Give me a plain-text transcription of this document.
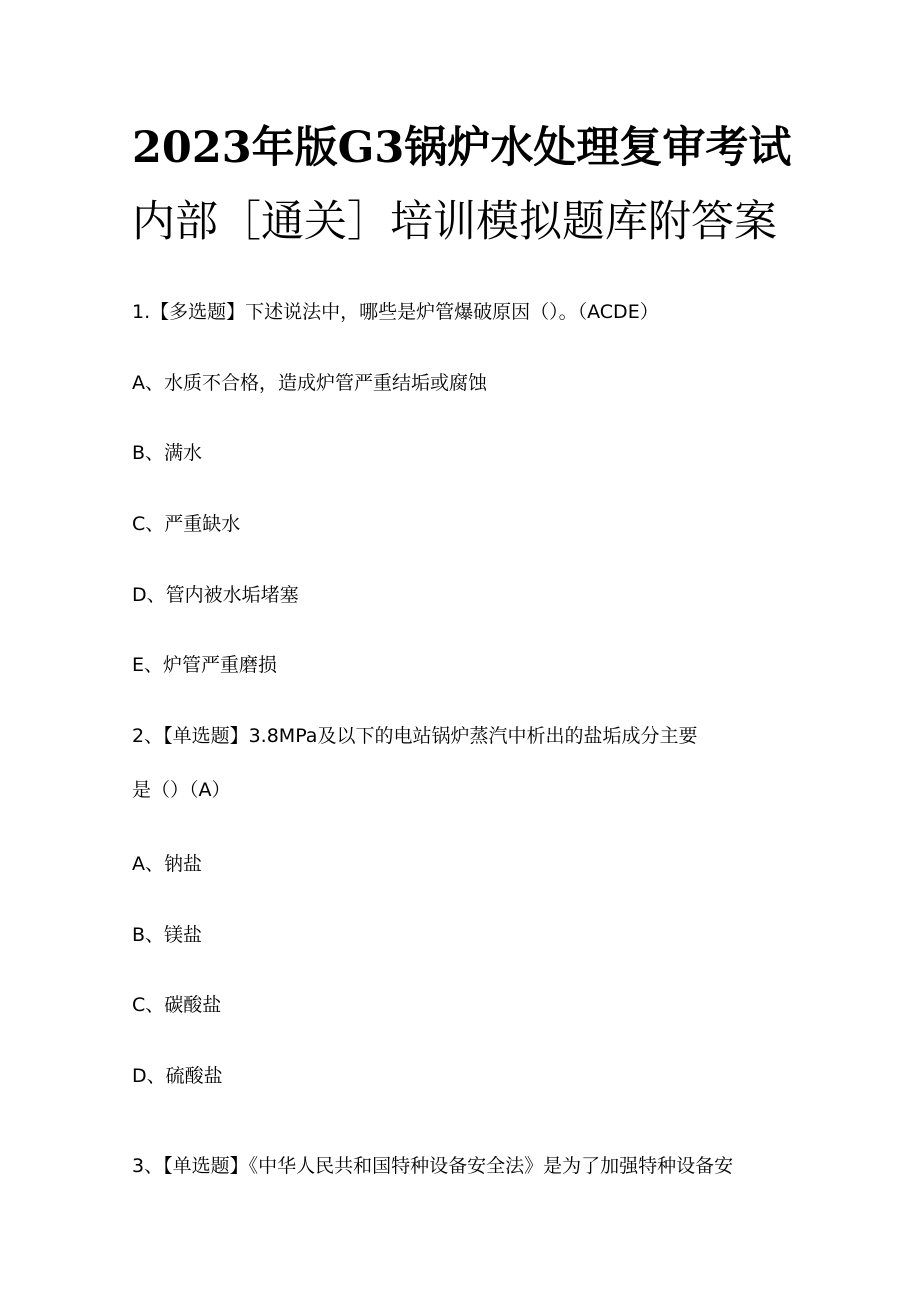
2023年版G3锅炉水处理复审考试
内部［通关］培训模拟题库附答案
1.【多选题】下述说法中，哪些是炉管爆破原因（）。（ACDE）
A、水质不合格，造成炉管严重结垢或腐蚀
B、满水
C、严重缺水
D、管内被水垢堵塞
E、炉管严重磨损
2、【单选题】3.8MPa及以下的电站锅炉蒸汽中析出的盐垢成分主要
是（）（A）
A、钠盐
B、镁盐
C、碳酸盐
D、硫酸盐
3、【单选题】《中华人民共和国特种设备安全法》是为了加强特种设备安
